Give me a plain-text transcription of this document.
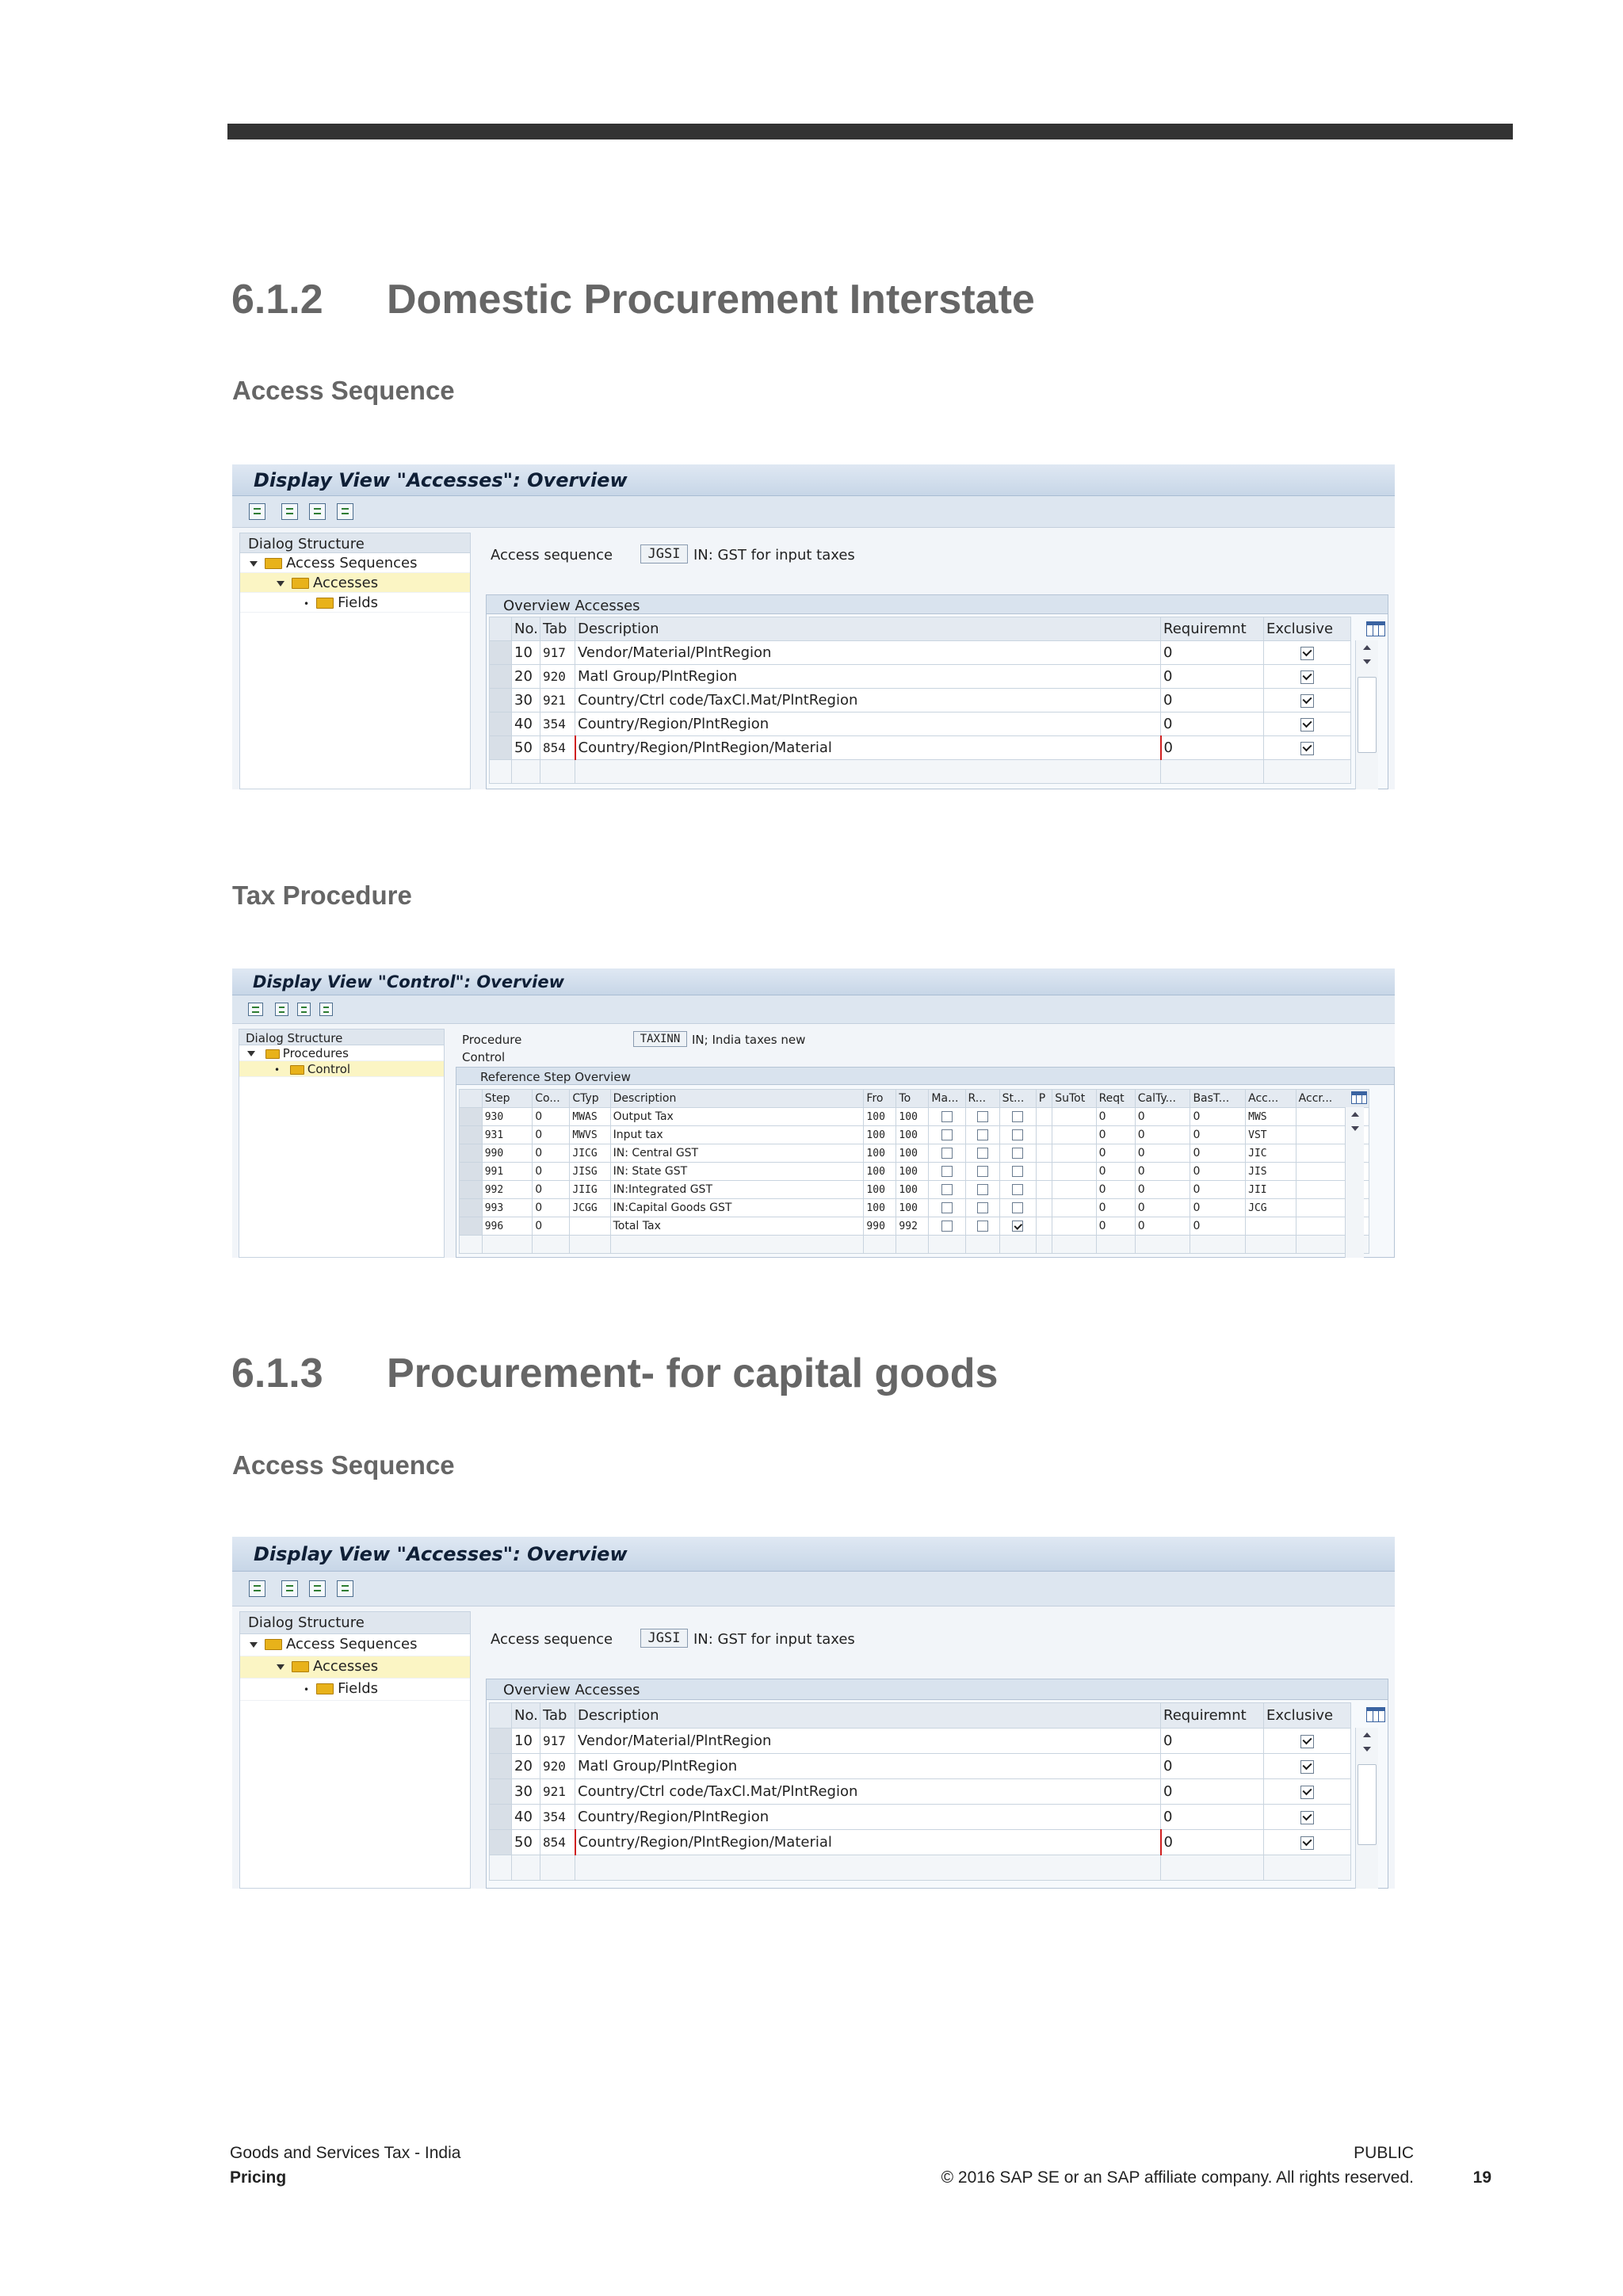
6.1.2 Domestic Procurement Interstate
Access Sequence
Display View "Accesses": Overview
Dialog Structure
Access Sequences
Accesses
• Fields
Access sequence	JGSI IN: GST for input taxes
Overview Accesses
	No.	Tab	Description	Requiremnt	Exclusive
	10	917	Vendor/Material/PlntRegion	0	
	20	920	Matl Group/PlntRegion	0	
	30	921	Country/Ctrl code/TaxCl.Mat/PlntRegion	0	
	40	354	Country/Region/PlntRegion	0	
	50	854	Country/Region/PlntRegion/Material	0	

Tax Procedure
Display View "Control": Overview
Dialog Structure
Procedures
• Control
Procedure	TAXINN IN; India taxes new
Control
Reference Step Overview
	Step	Co...	CTyp	Description	Fro	To	Ma...	R...	St...	P	SuTot	Reqt	CalTy...	BasT...	Acc...	Accr...
	930	0	MWAS	Output Tax	100	100						0	0	0	MWS	
	931	0	MWVS	Input tax	100	100						0	0	0	VST	
	990	0	JICG	IN: Central GST	100	100						0	0	0	JIC	
	991	0	JISG	IN: State GST	100	100						0	0	0	JIS	
	992	0	JIIG	IN:Integrated GST	100	100						0	0	0	JII	
	993	0	JCGG	IN:Capital Goods GST	100	100						0	0	0	JCG	
	996	0		Total Tax	990	992						0	0	0		

6.1.3 Procurement- for capital goods
Access Sequence
Display View "Accesses": Overview
Dialog Structure
Access Sequences
Accesses
• Fields
Access sequence	JGSI IN: GST for input taxes
Overview Accesses
	No.	Tab	Description	Requiremnt	Exclusive
	10	917	Vendor/Material/PlntRegion	0	
	20	920	Matl Group/PlntRegion	0	
	30	921	Country/Ctrl code/TaxCl.Mat/PlntRegion	0	
	40	354	Country/Region/PlntRegion	0	
	50	854	Country/Region/PlntRegion/Material	0	

Goods and Services Tax - India
Pricing
PUBLIC
© 2016 SAP SE or an SAP affiliate company. All rights reserved.	19
